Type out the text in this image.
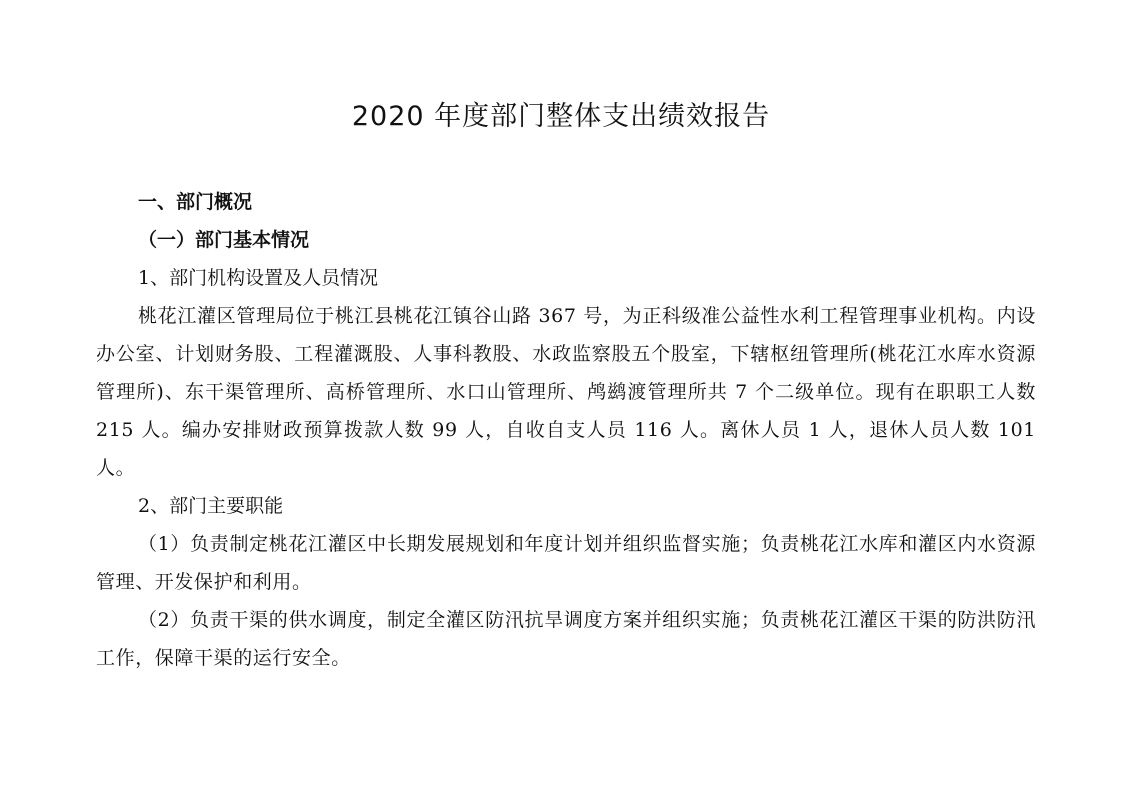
2020 年度部门整体支出绩效报告

一、部门概况

（一）部门基本情况

1、部门机构设置及人员情况

桃花江灌区管理局位于桃江县桃花江镇谷山路 367 号，为正科级准公益性水利工程管理事业机构。内设办公室、计划财务股、工程灌溉股、人事科教股、水政监察股五个股室，下辖枢纽管理所(桃花江水库水资源管理所)、东干渠管理所、高桥管理所、水口山管理所、鸬鹚渡管理所共 7 个二级单位。现有在职职工人数 215 人。编办安排财政预算拨款人数 99 人，自收自支人员 116 人。离休人员 1 人，退休人员人数 101 人。

2、部门主要职能

（1）负责制定桃花江灌区中长期发展规划和年度计划并组织监督实施；负责桃花江水库和灌区内水资源管理、开发保护和利用。

（2）负责干渠的供水调度，制定全灌区防汛抗旱调度方案并组织实施；负责桃花江灌区干渠的防洪防汛工作，保障干渠的运行安全。
